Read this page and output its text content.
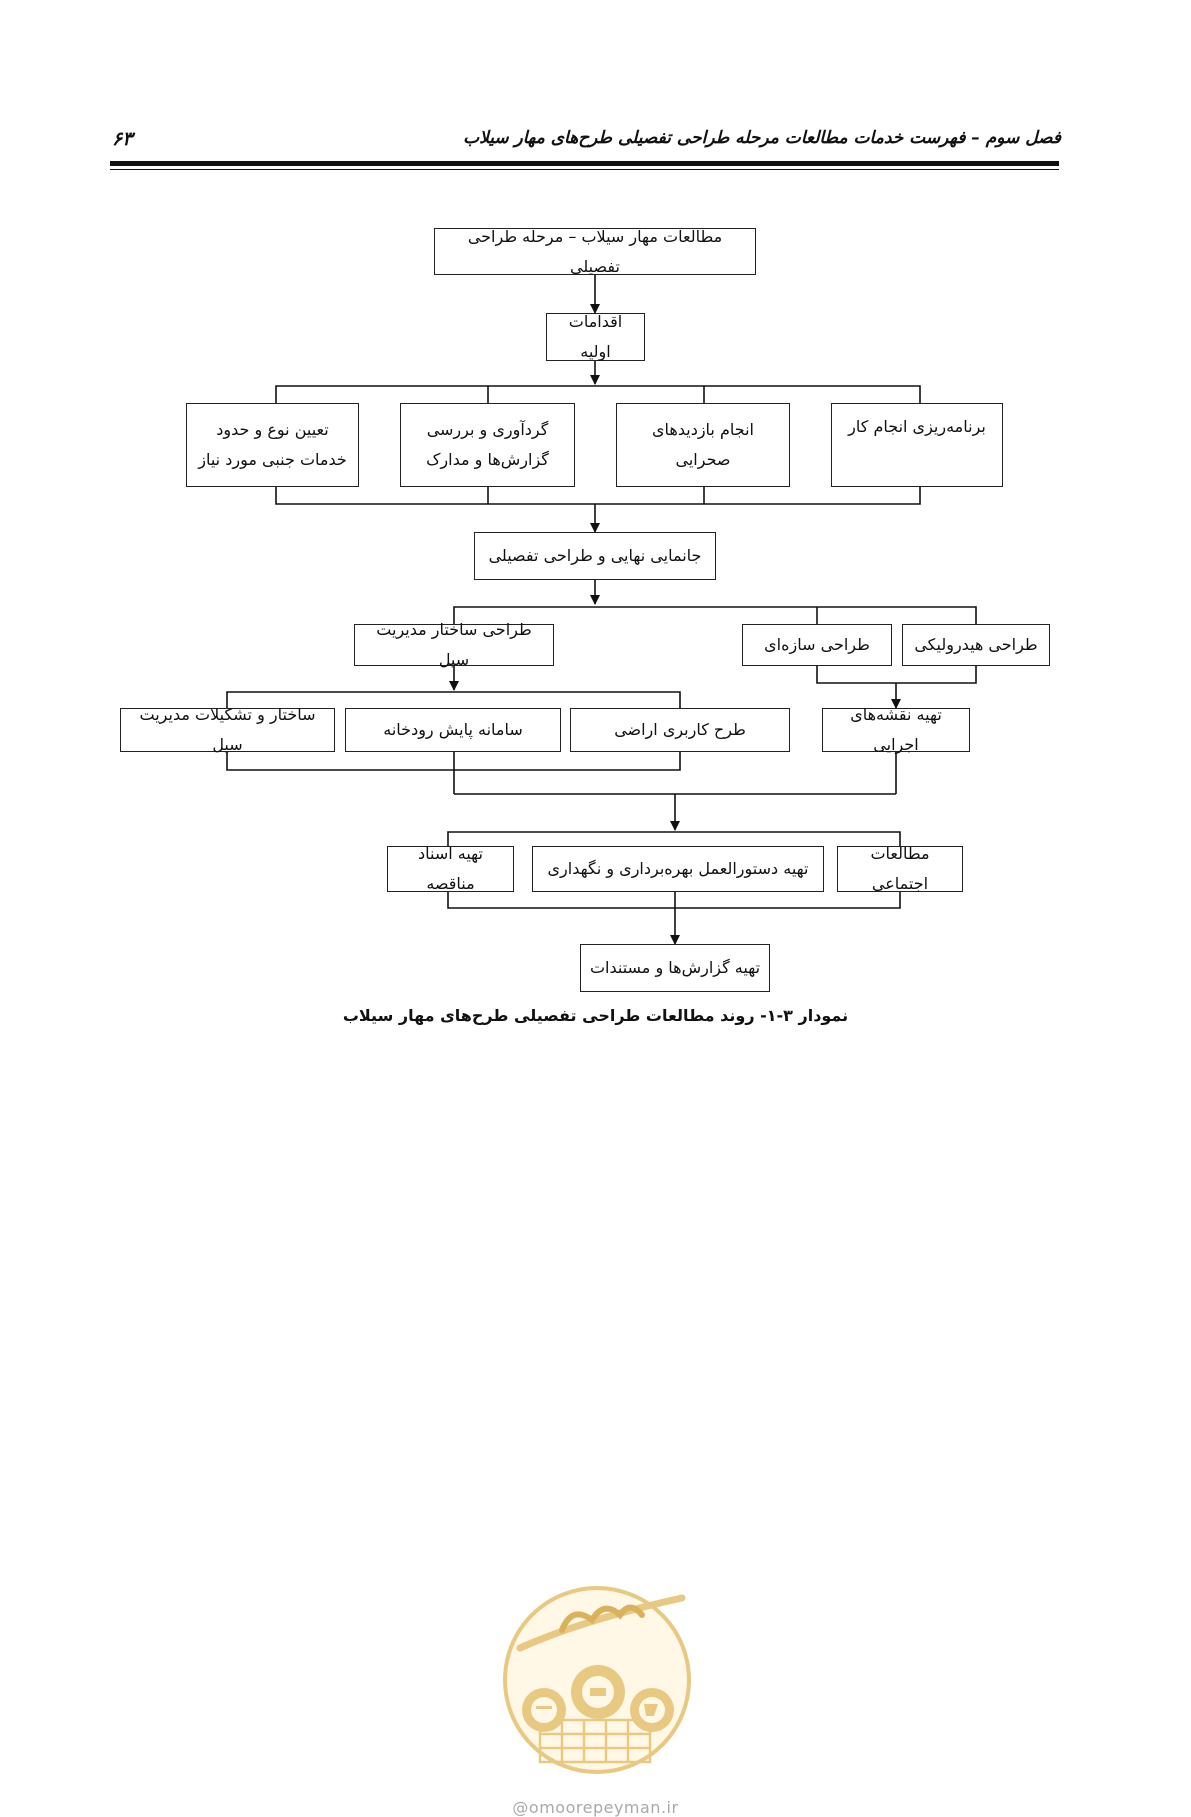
فصل سوم – فهرست خدمات مطالعات مرحله طراحی تفصیلی طرح‌های مهار سیلاب
۶۳
مطالعات مهار سیلاب – مرحله طراحی تفصیلی
اقدامات اولیه
برنامه‌ریزی انجام کار
انجام بازدیدهای
صحرایی
گردآوری و بررسی
گزارش‌ها و مدارک
تعیین نوع و حدود
خدمات جنبی مورد نیاز
جانمایی نهایی و طراحی تفصیلی
طراحی هیدرولیکی
طراحی سازه‌ای
طراحی ساختار مدیریت سیل
تهیه نقشه‌های اجرایی
طرح کاربری اراضی
سامانه پایش رودخانه
ساختار و تشکیلات مدیریت سیل
مطالعات اجتماعی
تهیه دستورالعمل بهره‌برداری و نگهداری
تهیه اسناد مناقصه
تهیه گزارش‌ها و مستندات
نمودار ۳-۱- روند مطالعات طراحی تفصیلی طرح‌های مهار سیلاب
@omoorepeyman.ir
